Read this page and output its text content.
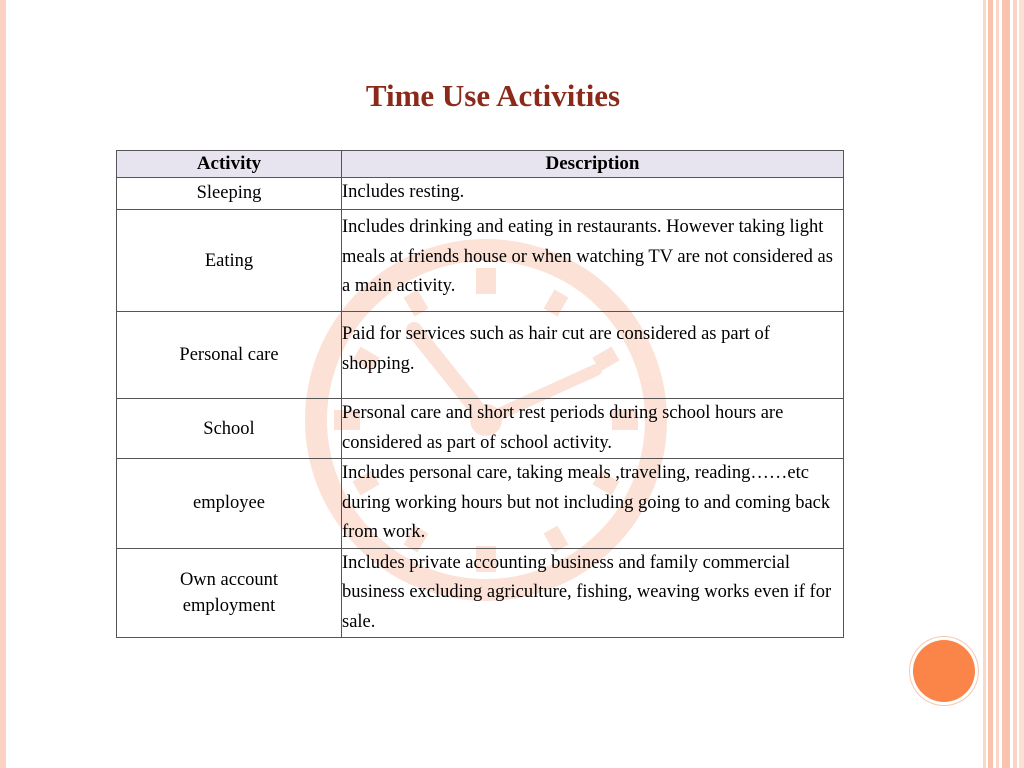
Time Use Activities
Activity	Description
Sleeping	Includes resting.
Eating	Includes drinking and eating in restaurants. However taking light meals at friends house or when watching TV are not considered as a main activity.
Personal care	Paid for services such as hair cut are considered as part of shopping.
School	Personal care and short rest periods during school hours are considered as part of school activity.
employee	Includes personal care, taking meals ,traveling, reading……etc during working hours but not including going to and coming back from work.
Own account employment	Includes private accounting business and family commercial business excluding agriculture, fishing, weaving works even if for sale.
